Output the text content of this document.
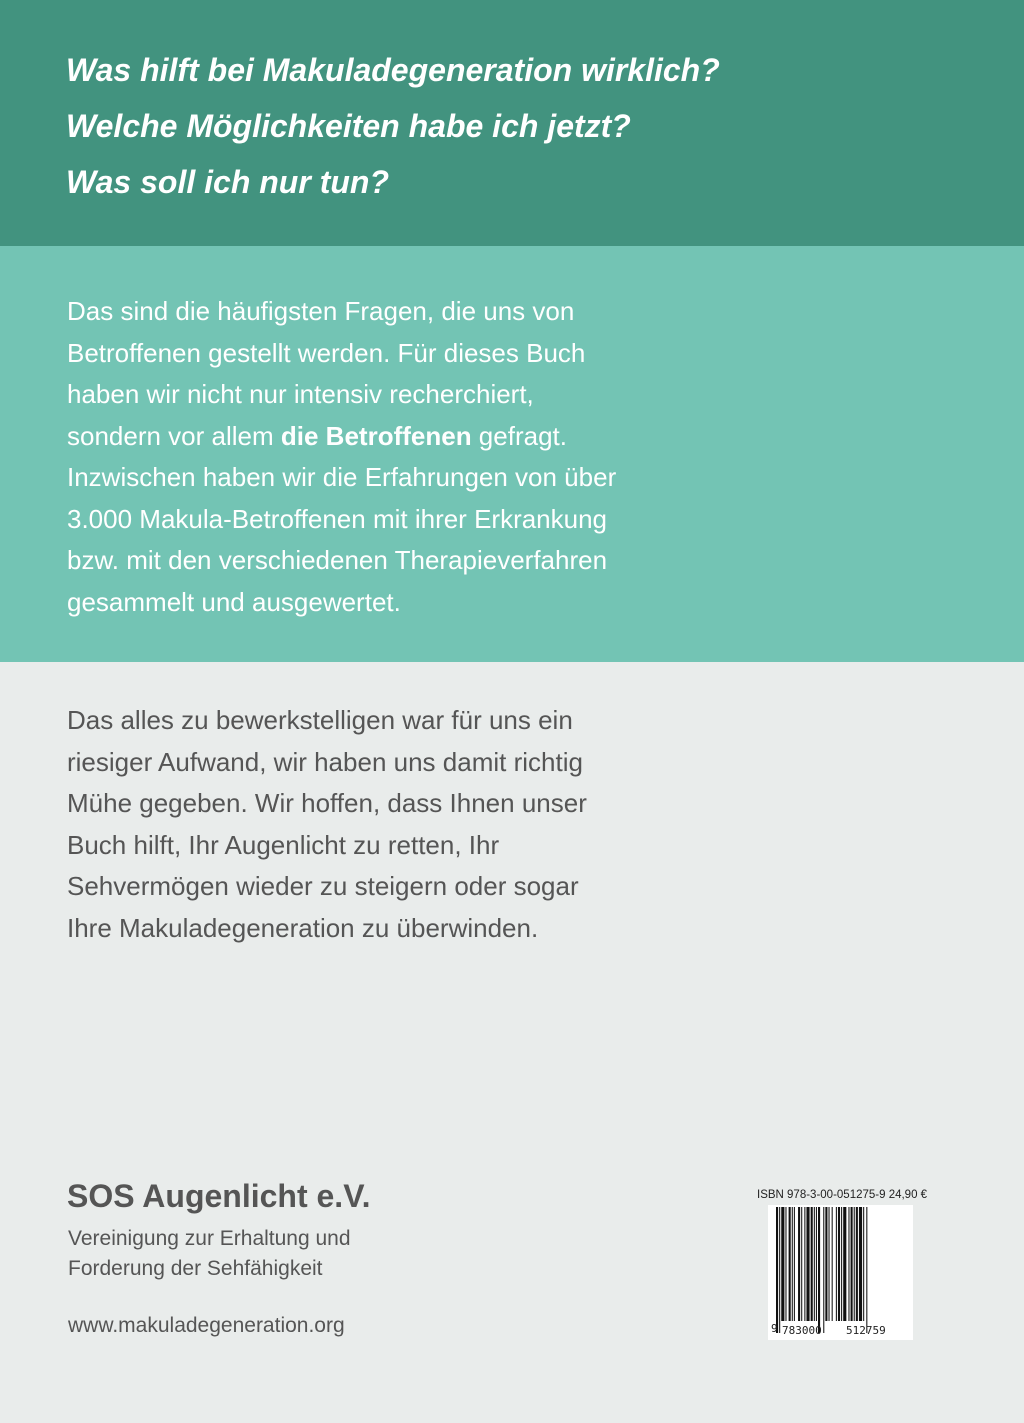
Was hilft bei Makuladegeneration wirklich?
Welche Möglichkeiten habe ich jetzt?
Was soll ich nur tun?
Das sind die häufigsten Fragen, die uns von
Betroffenen gestellt werden. Für dieses Buch
haben wir nicht nur intensiv recherchiert,
sondern vor allem die Betroffenen gefragt.
Inzwischen haben wir die Erfahrungen von über
3.000 Makula-Betroffenen mit ihrer Erkrankung
bzw. mit den verschiedenen Therapieverfahren
gesammelt und ausgewertet.
Das alles zu bewerkstelligen war für uns ein
riesiger Aufwand, wir haben uns damit richtig
Mühe gegeben. Wir hoffen, dass Ihnen unser
Buch hilft, Ihr Augenlicht zu retten, Ihr
Sehvermögen wieder zu steigern oder sogar
Ihre Makuladegeneration zu überwinden.
SOS Augenlicht e.V.
Vereinigung zur Erhaltung und
Forderung der Sehfähigkeit
www.makuladegeneration.org
ISBN 978-3-00-051275-9 24,90 €
9 783000 512759
